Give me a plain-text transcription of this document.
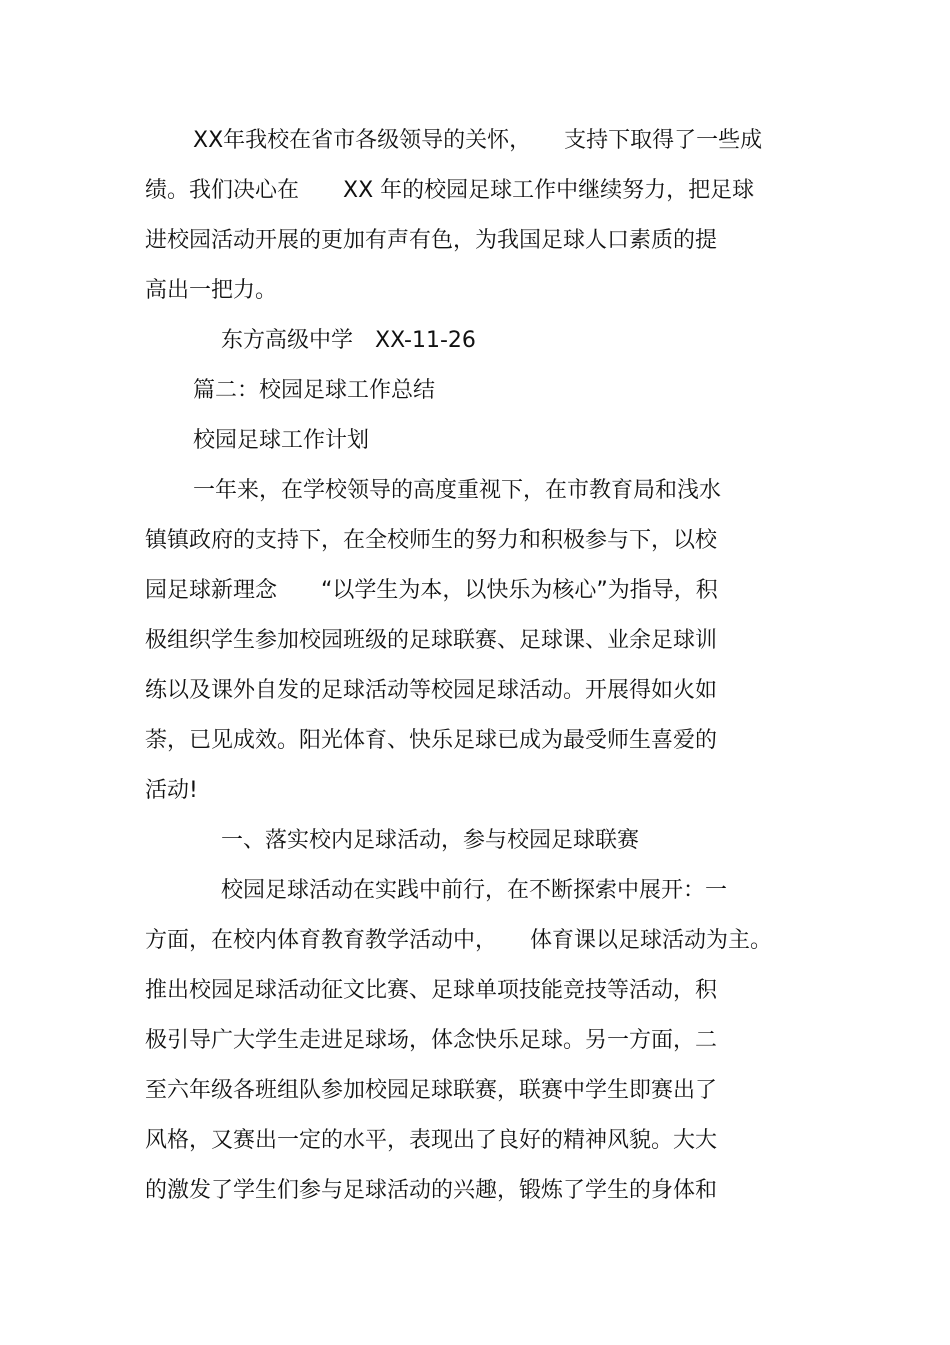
XX年我校在省市各级领导的关怀，　　支持下取得了一些成
绩。我们决心在　　XX 年的校园足球工作中继续努力，把足球
进校园活动开展的更加有声有色，为我国足球人口素质的提
高出一把力。
东方高级中学　XX-11-26
篇二：校园足球工作总结
校园足球工作计划
一年来，在学校领导的高度重视下，在市教育局和浅水
镇镇政府的支持下，在全校师生的努力和积极参与下，以校
园足球新理念　　“以学生为本，以快乐为核心”为指导，积
极组织学生参加校园班级的足球联赛、足球课、业余足球训
练以及课外自发的足球活动等校园足球活动。开展得如火如
荼，已见成效。阳光体育、快乐足球已成为最受师生喜爱的
活动!
一、落实校内足球活动，参与校园足球联赛
校园足球活动在实践中前行，在不断探索中展开：一
方面，在校内体育教育教学活动中，　　体育课以足球活动为主。
推出校园足球活动征文比赛、足球单项技能竞技等活动，积
极引导广大学生走进足球场，体念快乐足球。另一方面，二
至六年级各班组队参加校园足球联赛，联赛中学生即赛出了
风格，又赛出一定的水平，表现出了良好的精神风貌。大大
的激发了学生们参与足球活动的兴趣，锻炼了学生的身体和
